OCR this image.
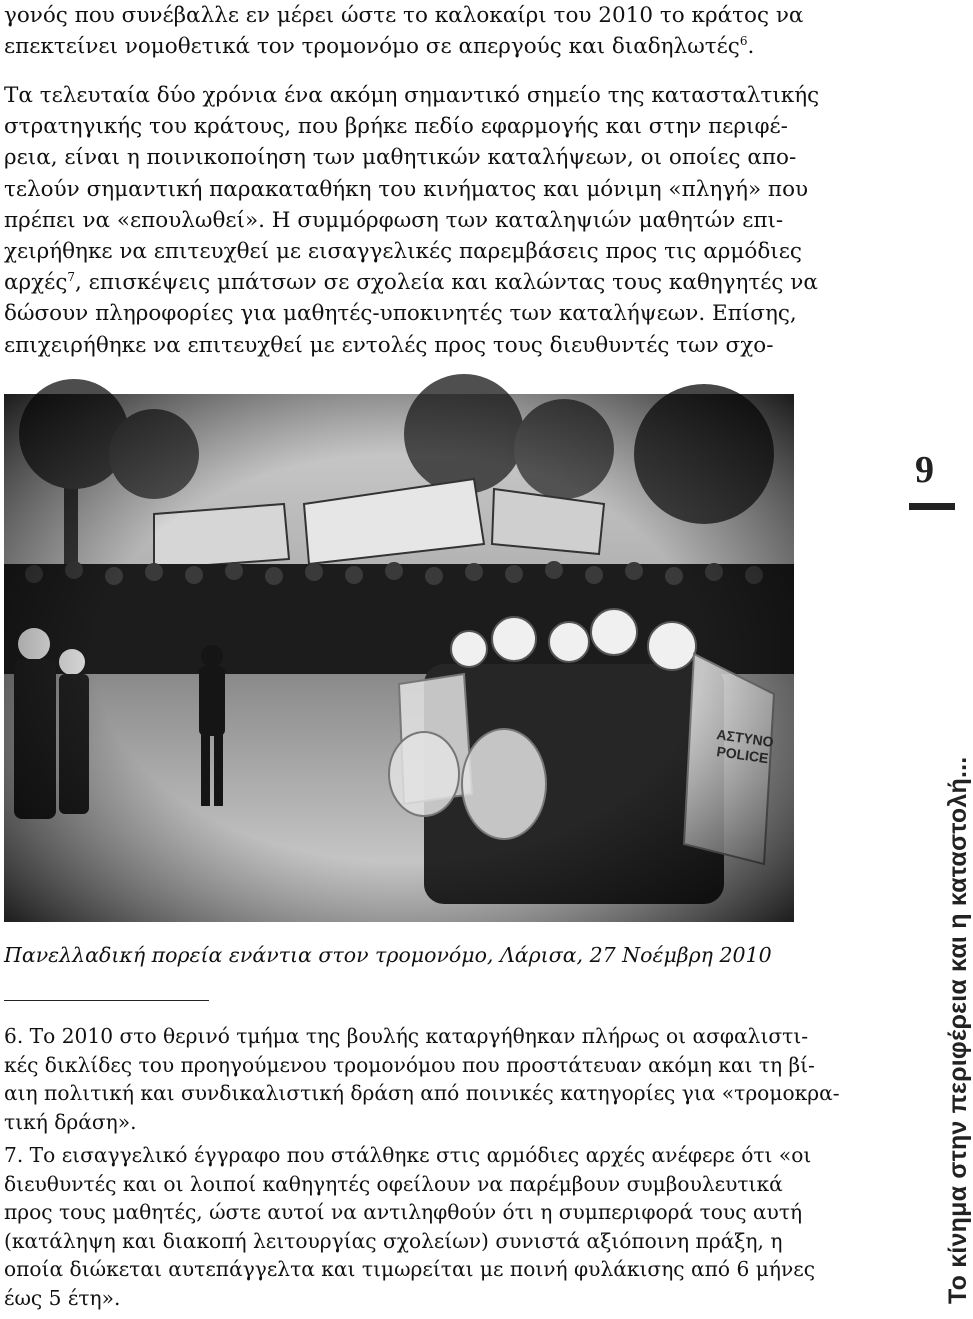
γονός που συνέβαλλε εν μέρει ώστε το καλοκαίρι του 2010 το κράτος να
επεκτείνει νομοθετικά τον τρομονόμο σε απεργούς και διαδηλωτές$^6$.
Τα τελευταία δύο χρόνια ένα ακόμη σημαντικό σημείο της κατασταλτικής
στρατηγικής του κράτους, που βρήκε πεδίο εφαρμογής και στην περιφέ-
ρεια, είναι η ποινικοποίηση των μαθητικών καταλήψεων, οι οποίες απο-
τελούν σημαντική παρακαταθήκη του κινήματος και μόνιμη «πληγή» που
πρέπει να «επουλωθεί». Η συμμόρφωση των καταληψιών μαθητών επι-
χειρήθηκε να επιτευχθεί με εισαγγελικές παρεμβάσεις προς τις αρμόδιες
αρχές$^7$, επισκέψεις μπάτσων σε σχολεία και καλώντας τους καθηγητές να
δώσουν πληροφορίες για μαθητές-υποκινητές των καταλήψεων. Επίσης,
επιχειρήθηκε να επιτευχθεί με εντολές προς τους διευθυντές των σχο-
Πανελλαδική πορεία ενάντια στον τρομονόμο, Λάρισα, 27 Νοέμβρη 2010
6. Το 2010 στο θερινό τμήμα της βουλής καταργήθηκαν πλήρως οι ασφαλιστι-
κές δικλίδες του προηγούμενου τρομονόμου που προστάτευαν ακόμη και τη βί-
αιη πολιτική και συνδικαλιστική δράση από ποινικές κατηγορίες για «τρομοκρα-
τική δράση».
7. Το εισαγγελικό έγγραφο που στάλθηκε στις αρμόδιες αρχές ανέφερε ότι «οι
διευθυντές και οι λοιποί καθηγητές οφείλουν να παρέμβουν συμβουλευτικά
προς τους μαθητές, ώστε αυτοί να αντιληφθούν ότι η συμπεριφορά τους αυτή
(κατάληψη και διακοπή λειτουργίας σχολείων) συνιστά αξιόποινη πράξη, η
οποία διώκεται αυτεπάγγελτα και τιμωρείται με ποινή φυλάκισης από 6 μήνες
έως 5 έτη».
9
Το κίνημα στην περιφέρεια και η καταστολή...
